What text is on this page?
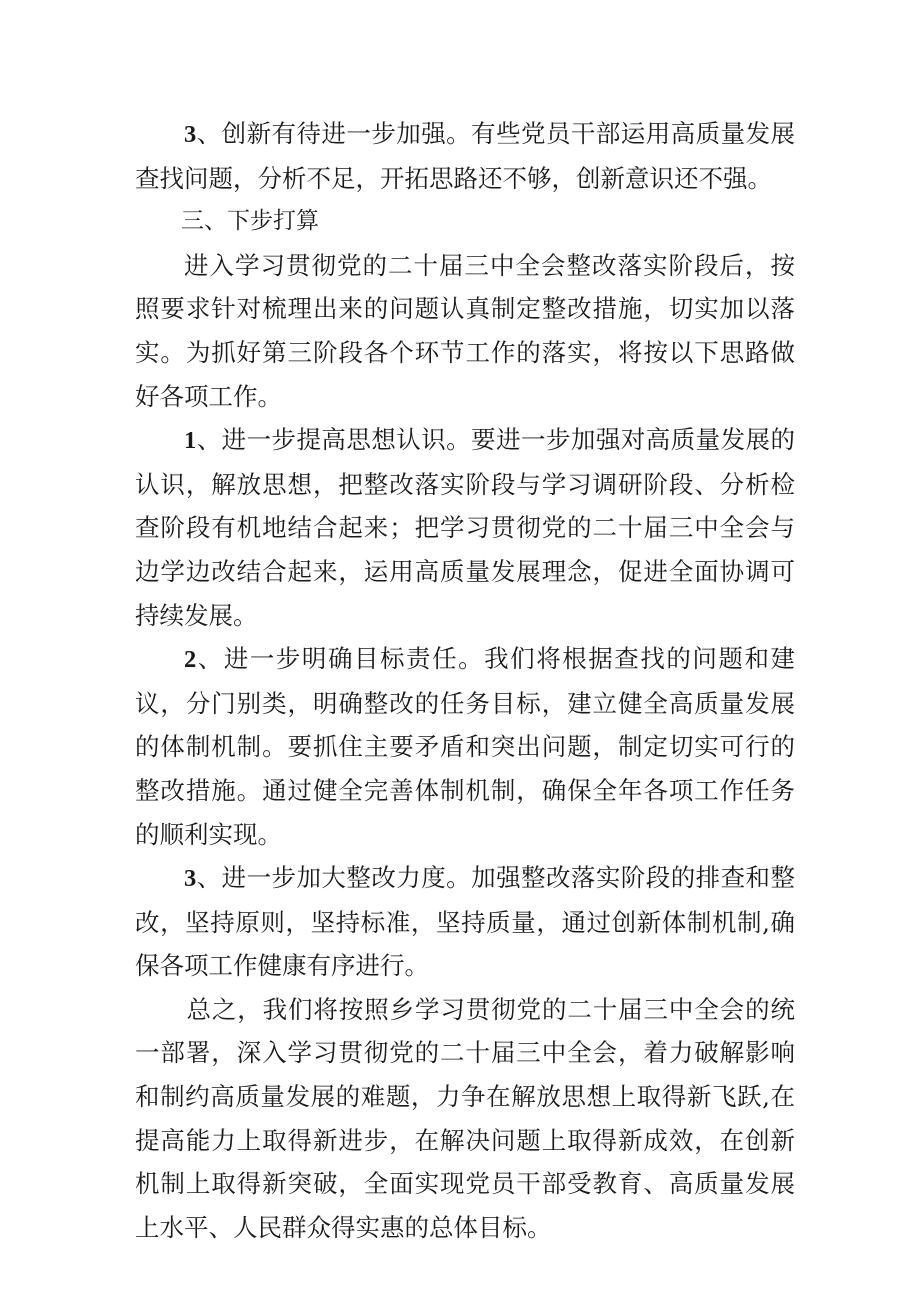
3、创新有待进一步加强。有些党员干部运用高质量发展查找问题，分析不足，开拓思路还不够，创新意识还不强。

三、下步打算

进入学习贯彻党的二十届三中全会整改落实阶段后，按照要求针对梳理出来的问题认真制定整改措施，切实加以落实。为抓好第三阶段各个环节工作的落实，将按以下思路做好各项工作。

1、进一步提高思想认识。要进一步加强对高质量发展的认识，解放思想，把整改落实阶段与学习调研阶段、分析检查阶段有机地结合起来；把学习贯彻党的二十届三中全会与边学边改结合起来，运用高质量发展理念，促进全面协调可持续发展。

2、进一步明确目标责任。我们将根据查找的问题和建议，分门别类，明确整改的任务目标，建立健全高质量发展的体制机制。要抓住主要矛盾和突出问题，制定切实可行的整改措施。通过健全完善体制机制，确保全年各项工作任务的顺利实现。

3、进一步加大整改力度。加强整改落实阶段的排查和整改，坚持原则，坚持标准，坚持质量，通过创新体制机制,确保各项工作健康有序进行。

总之，我们将按照乡学习贯彻党的二十届三中全会的统一部署，深入学习贯彻党的二十届三中全会，着力破解影响和制约高质量发展的难题，力争在解放思想上取得新飞跃,在提高能力上取得新进步，在解决问题上取得新成效，在创新机制上取得新突破，全面实现党员干部受教育、高质量发展上水平、人民群众得实惠的总体目标。
